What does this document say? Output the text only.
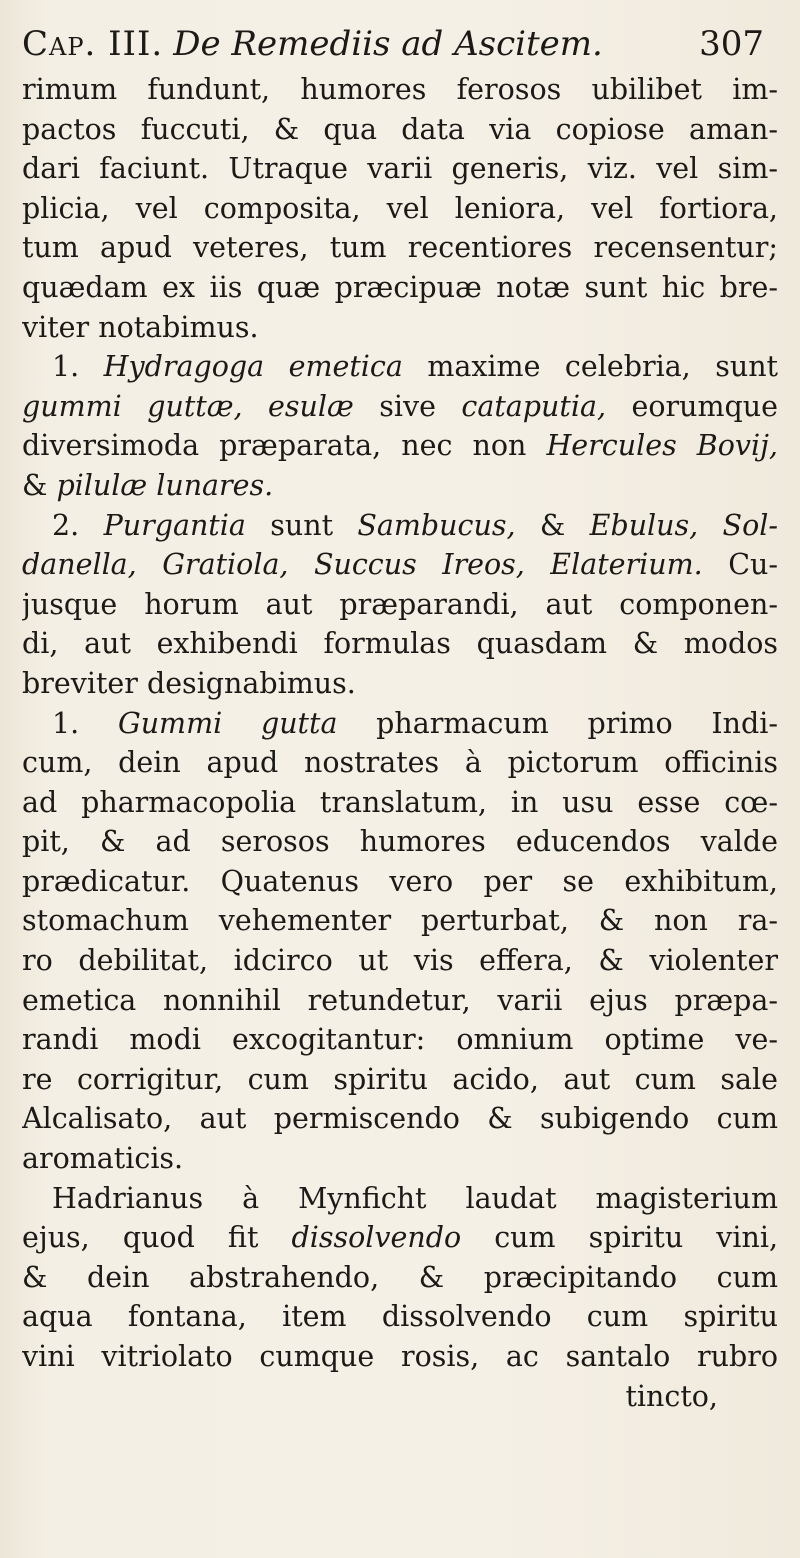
Cap. III. De Remediis ad Ascitem.	307
rimum fundunt, humores ferosos ubilibet im-
pactos fuccuti, & qua data via copiose aman-
dari faciunt. Utraque varii generis, viz. vel sim-
plicia, vel composita, vel leniora, vel fortiora,
tum apud veteres, tum recentiores recensentur;
quædam ex iis quæ præcipuæ notæ sunt hic bre-
viter notabimus.
1. Hydragoga emetica maxime celebria, sunt
gummi guttæ, esulæ sive cataputia, eorumque
diversimoda præparata, nec non Hercules Bovij,
& pilulæ lunares.
2. Purgantia sunt Sambucus, & Ebulus, Sol-
danella, Gratiola, Succus Ireos, Elaterium. Cu-
jusque horum aut præparandi, aut componen-
di, aut exhibendi formulas quasdam & modos
breviter designabimus.
1. Gummi gutta pharmacum primo Indi-
cum, dein apud nostrates à pictorum officinis
ad pharmacopolia translatum, in usu esse cœ-
pit, & ad serosos humores educendos valde
prædicatur. Quatenus vero per se exhibitum,
stomachum vehementer perturbat, & non ra-
ro debilitat, idcirco ut vis effera, & violenter
emetica nonnihil retundetur, varii ejus præpa-
randi modi excogitantur: omnium optime ve-
re corrigitur, cum spiritu acido, aut cum sale
Alcalisato, aut permiscendo & subigendo cum
aromaticis.
Hadrianus à Mynficht laudat magisterium
ejus, quod fit dissolvendo cum spiritu vini,
& dein abstrahendo, & præcipitando cum
aqua fontana, item dissolvendo cum spiritu
vini vitriolato cumque rosis, ac santalo rubro
tincto,
